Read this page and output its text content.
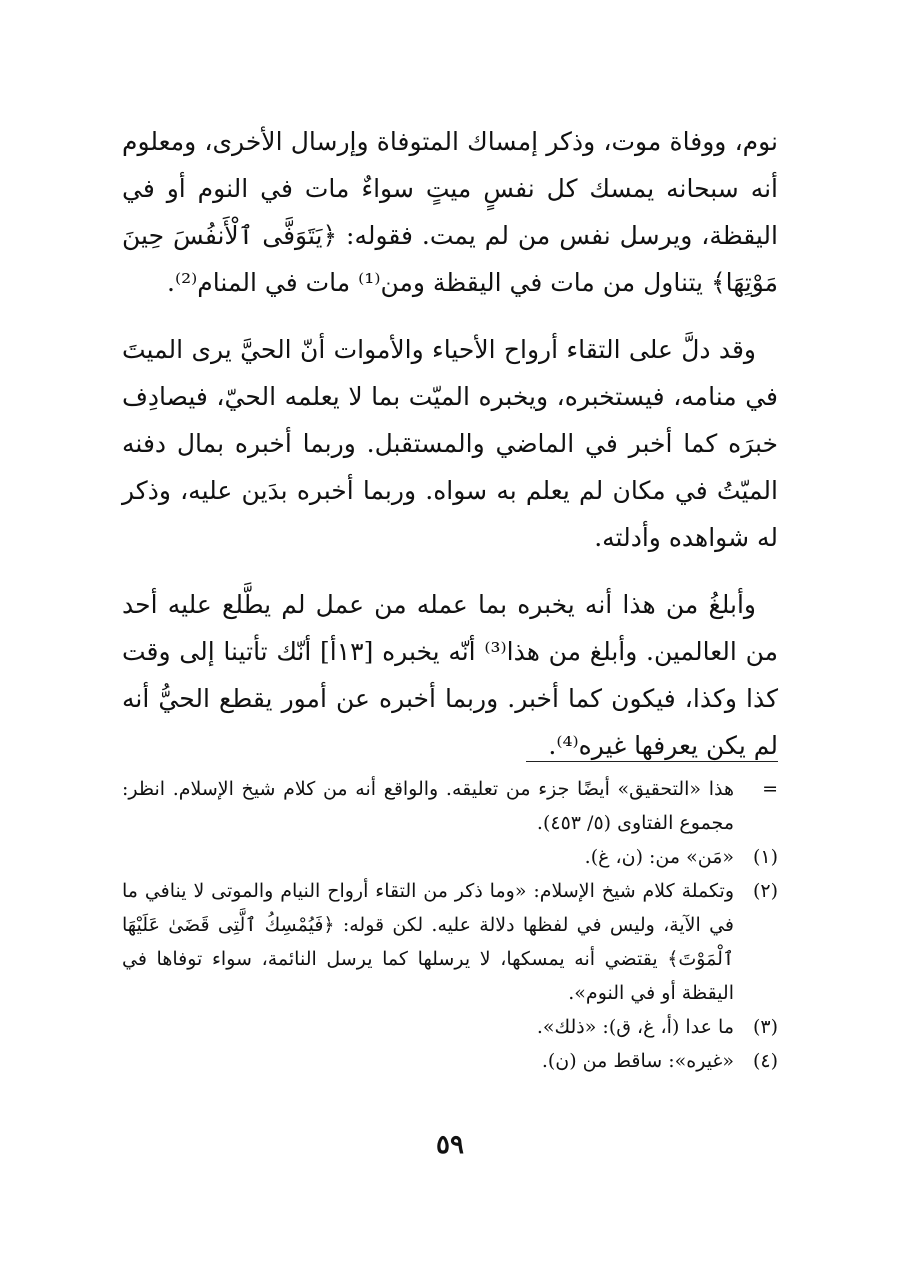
نوم، ووفاة موت، وذكر إمساك المتوفاة وإرسال الأخرى، ومعلوم أنه سبحانه يمسك كل نفسٍ ميتٍ سواءٌ مات في النوم أو في اليقظة، ويرسل نفس من لم يمت. فقوله: ﴿يَتَوَفَّى ٱلْأَنفُسَ حِينَ مَوْتِهَا﴾ يتناول من مات في اليقظة ومن⁽¹⁾ مات في المنام⁽²⁾.

وقد دلَّ على التقاء أرواح الأحياء والأموات أنّ الحيَّ يرى الميتَ في منامه، فيستخبره، ويخبره الميّت بما لا يعلمه الحيّ، فيصادِف خبرَه كما أخبر في الماضي والمستقبل. وربما أخبره بمال دفنه الميّتُ في مكان لم يعلم به سواه. وربما أخبره بدَين عليه، وذكر له شواهده وأدلته.

وأبلغُ من هذا أنه يخبره بما عمله من عمل لم يطَّلع عليه أحد من العالمين. وأبلغ من هذا⁽³⁾ أنّه يخبره [١٣أ] أنّك تأتينا إلى وقت كذا وكذا، فيكون كما أخبر. وربما أخبره عن أمور يقطع الحيُّ أنه لم يكن يعرفها غيره⁽⁴⁾.

=
هذا «التحقيق» أيضًا جزء من تعليقه. والواقع أنه من كلام شيخ الإسلام. انظر: مجموع الفتاوى (٥/ ٤٥٣).
(١)
«مَن» من: (ن، غ).
(٢)
وتكملة كلام شيخ الإسلام: «وما ذكر من التقاء أرواح النيام والموتى لا ينافي ما في الآية، وليس في لفظها دلالة عليه. لكن قوله: ﴿فَيُمْسِكُ ٱلَّتِى قَضَىٰ عَلَيْهَا ٱلْمَوْتَ﴾ يقتضي أنه يمسكها، لا يرسلها كما يرسل النائمة، سواء توفاها في اليقظة أو في النوم».
(٣)
ما عدا (أ، غ، ق): «ذلك».
(٤)
«غيره»: ساقط من (ن).
٥٩
